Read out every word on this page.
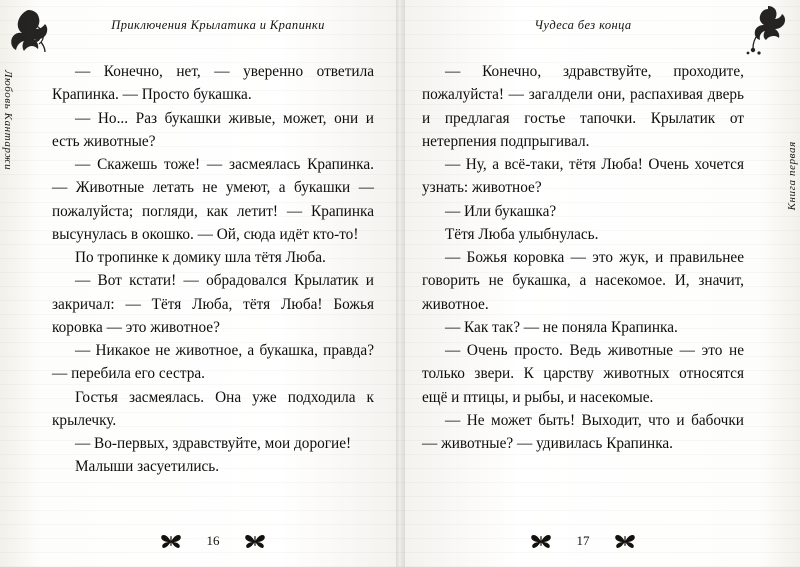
Любовь Кантаржи
Приключения Крылатика и Крапинки

— Конечно, нет, — уверенно ответила Крапинка. — Просто букашка.

— Но... Раз букашки живые, может, они и есть животные?

— Скажешь тоже! — засмеялась Крапинка. — Животные летать не умеют, а букашки — пожалуйста; погляди, как летит! — Крапинка высунулась в окошко. — Ой, сюда идёт кто-то!

По тропинке к домику шла тётя Люба.

— Вот кстати! — обрадовался Крылатик и закричал: — Тётя Люба, тётя Люба! Божья коровка — это животное?

— Никакое не животное, а букашка, правда? — перебила его сестра.

Гостья засмеялась. Она уже подходила к крылечку.

— Во-первых, здравствуйте, мои дорогие!

Малыши засуетились.

16
Книга первая
Чудеса без конца

— Конечно, здравствуйте, проходите, пожалуйста! — загалдели они, распахивая дверь и предлагая гостье тапочки. Крылатик от нетерпения подпрыгивал.

— Ну, а всё-таки, тётя Люба! Очень хочется узнать: животное?

— Или букашка?

Тётя Люба улыбнулась.

— Божья коровка — это жук, и правильнее говорить не букашка, а насекомое. И, значит, животное.

— Как так? — не поняла Крапинка.

— Очень просто. Ведь животные — это не только звери. К царству животных относятся ещё и птицы, и рыбы, и насекомые.

— Не может быть! Выходит, что и бабочки — животные? — удивилась Крапинка.

17
